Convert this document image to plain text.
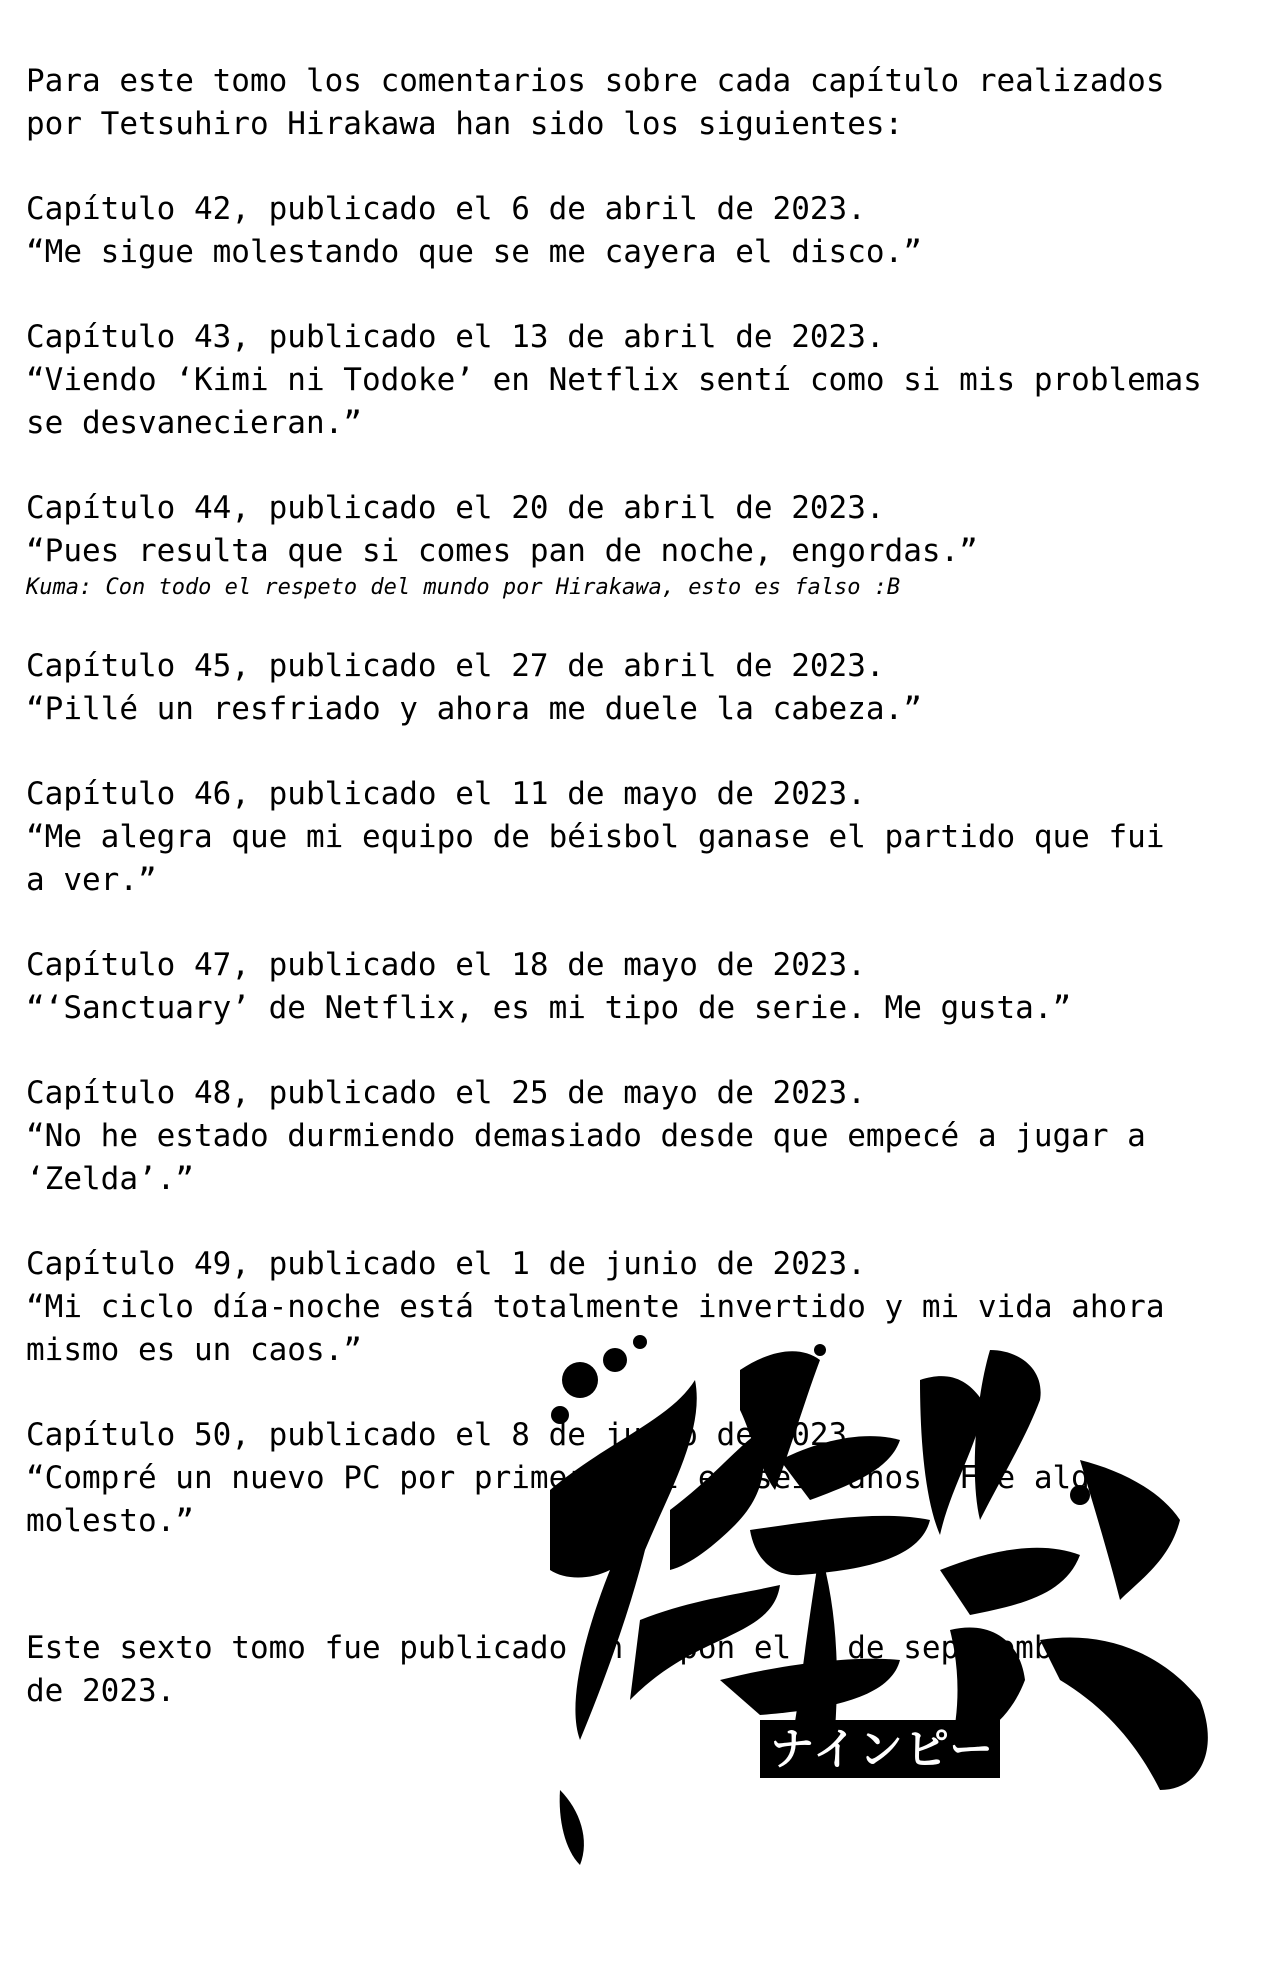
ナインピークス

Para este tomo los comentarios sobre cada capítulo realizados
por Tetsuhiro Hirakawa han sido los siguientes:

Capítulo 42, publicado el 6 de abril de 2023.

“Me sigue molestando que se me cayera el disco.”

Capítulo 43, publicado el 13 de abril de 2023.

“Viendo ‘Kimi ni Todoke’ en Netflix sentí como si mis problemas
se desvanecieran.”

Capítulo 44, publicado el 20 de abril de 2023.

“Pues resulta que si comes pan de noche, engordas.”

Kuma: Con todo el respeto del mundo por Hirakawa, esto es falso :B

Capítulo 45, publicado el 27 de abril de 2023.

“Pillé un resfriado y ahora me duele la cabeza.”

Capítulo 46, publicado el 11 de mayo de 2023.

“Me alegra que mi equipo de béisbol ganase el partido que fui
a ver.”

Capítulo 47, publicado el 18 de mayo de 2023.

“‘Sanctuary’ de Netflix, es mi tipo de serie. Me gusta.”

Capítulo 48, publicado el 25 de mayo de 2023.

“No he estado durmiendo demasiado desde que empecé a jugar a
‘Zelda’.”

Capítulo 49, publicado el 1 de junio de 2023.

“Mi ciclo día-noche está totalmente invertido y mi vida ahora
mismo es un caos.”

Capítulo 50, publicado el 8 de junio de 2023.

“Compré un nuevo PC por primera vez en seis años. Fue algo
molesto.”

Este sexto tomo fue publicado en Japón el 7 de septiembre
de 2023.
